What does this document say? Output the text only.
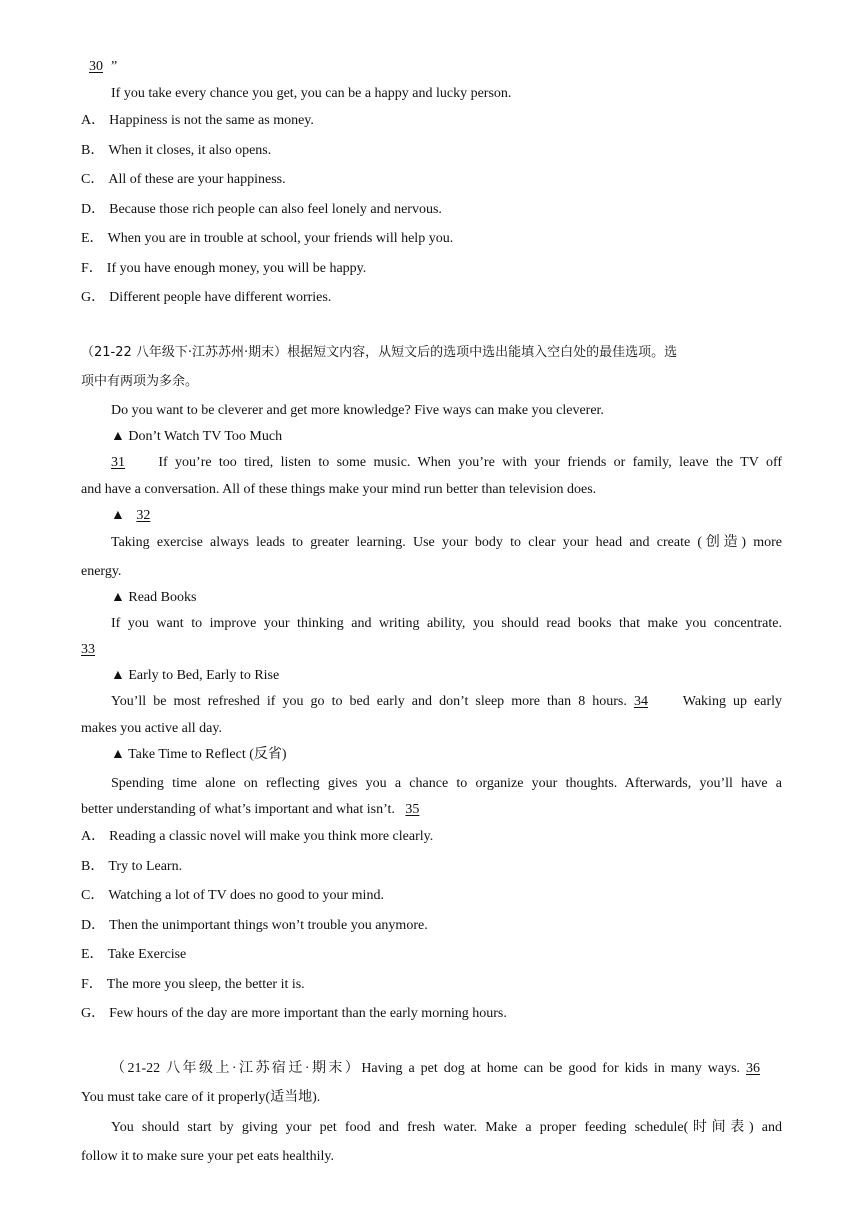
30 ”
If you take every chance you get, you can be a happy and lucky person.
A． Happiness is not the same as money.
B． When it closes, it also opens.
C． All of these are your happiness.
D． Because those rich people can also feel lonely and nervous.
E． When you are in trouble at school, your friends will help you.
F． If you have enough money, you will be happy.
G． Different people have different worries.
（21-22 八年级下·江苏苏州·期末）根据短文内容，从短文后的选项中选出能填入空白处的最佳选项。选
项中有两项为多余。
Do you want to be cleverer and get more knowledge? Five ways can make you cleverer.
▲ Don’t Watch TV Too Much
31 If you’re too tired, listen to some music. When you’re with your friends or family, leave the TV off
and have a conversation. All of these things make your mind run better than television does.
▲ 32
Taking exercise always leads to greater learning. Use your body to clear your head and create (创造) more
energy.
▲ Read Books
If you want to improve your thinking and writing ability, you should read books that make you concentrate.
33
▲ Early to Bed, Early to Rise
You’ll be most refreshed if you go to bed early and don’t sleep more than 8 hours. 34 Waking up early
makes you active all day.
▲ Take Time to Reflect (反省)
Spending time alone on reflecting gives you a chance to organize your thoughts. Afterwards, you’ll have a
better understanding of what’s important and what isn’t. 35
A． Reading a classic novel will make you think more clearly.
B． Try to Learn.
C． Watching a lot of TV does no good to your mind.
D． Then the unimportant things won’t trouble you anymore.
E． Take Exercise
F． The more you sleep, the better it is.
G． Few hours of the day are more important than the early morning hours.
（21-22 八年级上·江苏宿迁·期末）Having a pet dog at home can be good for kids in many ways. 36
You must take care of it properly(适当地).
You should start by giving your pet food and fresh water. Make a proper feeding schedule(时间表) and
follow it to make sure your pet eats healthily.
